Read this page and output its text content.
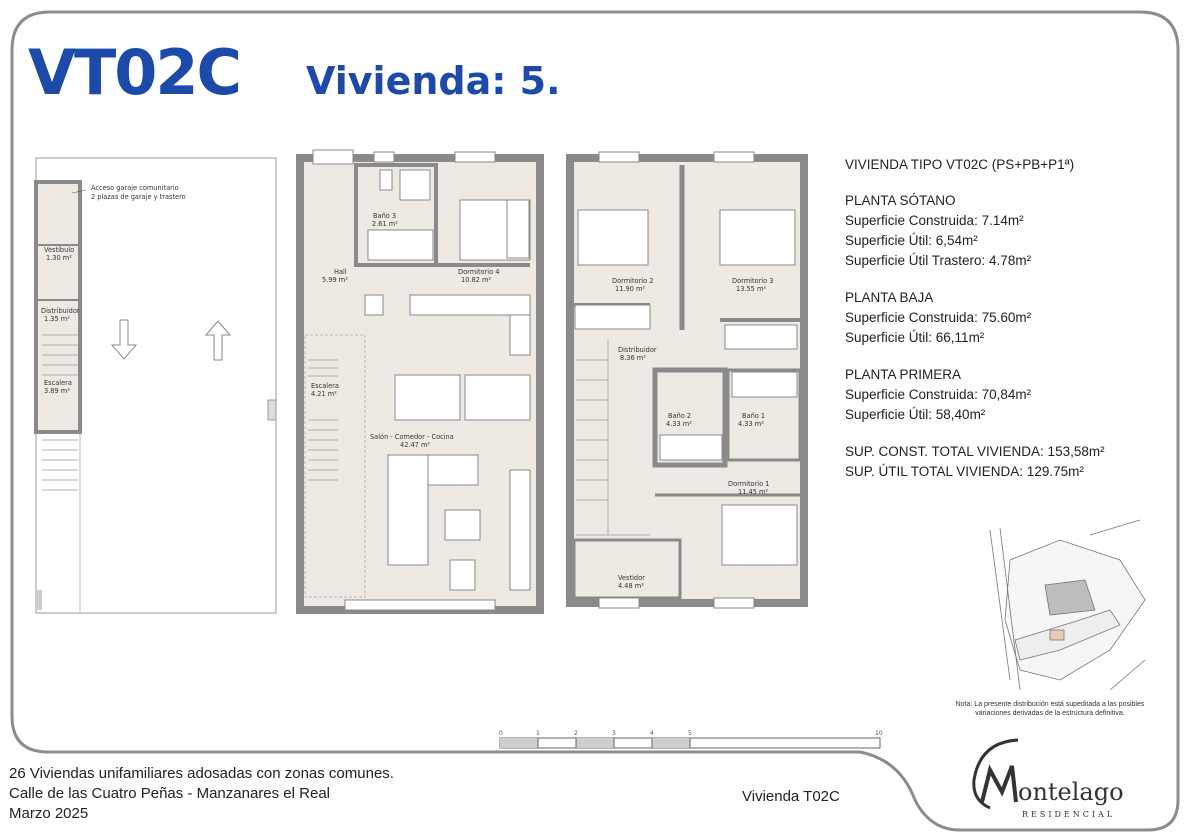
VT02C Vivienda: 5.
VIVIENDA TIPO VT02C (PS+PB+P1ª)
PLANTA SÓTANO
Superficie Construida: 7.14m²
Superficie Útil: 6,54m²
Superficie Útil Trastero: 4.78m²
PLANTA BAJA
Superficie Construida: 75.60m²
Superficie Útil: 66,11m²
PLANTA PRIMERA
Superficie Construida: 70,84m²
Superficie Útil: 58,40m²
SUP. CONST. TOTAL VIVIENDA: 153,58m²
SUP. ÚTIL TOTAL VIVIENDA: 129.75m²
Acceso garaje comunitario
2 plazas de garaje y trastero
Vestíbulo
1.30 m²
Distribuidor
1.35 m²
Escalera
3.89 m²
Baño 3
2.61 m²
Dormitorio 4
10.82 m²
Hall
5.99 m²
Escalera
4.21 m²
Salón - Comedor - Cocina
42.47 m²
Dormitorio 2
11.90 m²
Dormitorio 3
13.55 m²
Distribuidor
8.36 m²
Baño 2
4.33 m²
Baño 1
4.33 m²
Dormitorio 1
11.45 m²
Vestidor
4.48 m²
0	1	2	3	4	5	10
Nota: La presente distribución está supeditada a las posibles variaciones derivadas de la estructura definitiva.
26 Viviendas unifamiliares adosadas con zonas comunes.
Calle de las Cuatro Peñas - Manzanares el Real
Marzo 2025
Vivienda T02C	ontelago
RESIDENCIAL
